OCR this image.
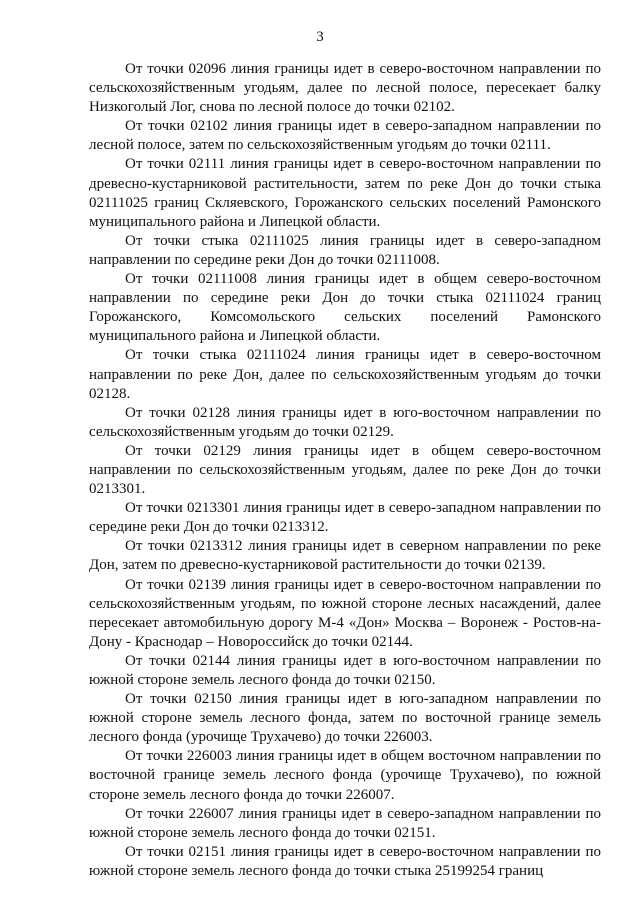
3

От точки 02096 линия границы идет в северо-восточном направлении по сельскохозяйственным угодьям, далее по лесной полосе, пересекает балку Низкоголый Лог, снова по лесной полосе до точки 02102.

От точки 02102 линия границы идет в северо-западном направлении по лесной полосе, затем по сельскохозяйственным угодьям до точки 02111.

От точки 02111 линия границы идет в северо-восточном направлении по древесно-кустарниковой растительности, затем по реке Дон до точки стыка 02111025 границ Скляевского, Горожанского сельских поселений Рамонского муниципального района и Липецкой области.

От точки стыка 02111025 линия границы идет в северо-западном направлении по середине реки Дон до точки 02111008.

От точки 02111008 линия границы идет в общем северо-восточном направлении по середине реки Дон до точки стыка 02111024 границ Горожанского, Комсомольского сельских поселений Рамонского муниципального района и Липецкой области.

От точки стыка 02111024 линия границы идет в северо-восточном направлении по реке Дон, далее по сельскохозяйственным угодьям до точки 02128.

От точки 02128 линия границы идет в юго-восточном направлении по сельскохозяйственным угодьям до точки 02129.

От точки 02129 линия границы идет в общем северо-восточном направлении по сельскохозяйственным угодьям, далее по реке Дон до точки 0213301.

От точки 0213301 линия границы идет в северо-западном направлении по середине реки Дон до точки 0213312.

От точки 0213312 линия границы идет в северном направлении по реке Дон, затем по древесно-кустарниковой растительности до точки 02139.

От точки 02139 линия границы идет в северо-восточном направлении по сельскохозяйственным угодьям, по южной стороне лесных насаждений, далее пересекает автомобильную дорогу М-4 «Дон» Москва – Воронеж - Ростов-на-Дону - Краснодар – Новороссийск до точки 02144.

От точки 02144 линия границы идет в юго-восточном направлении по южной стороне земель лесного фонда до точки 02150.

От точки 02150 линия границы идет в юго-западном направлении по южной стороне земель лесного фонда, затем по восточной границе земель лесного фонда (урочище Трухачево) до точки 226003.

От точки 226003 линия границы идет в общем восточном направлении по восточной границе земель лесного фонда (урочище Трухачево), по южной стороне земель лесного фонда до точки 226007.

От точки 226007 линия границы идет в северо-западном направлении по южной стороне земель лесного фонда до точки 02151.

От точки 02151 линия границы идет в северо-восточном направлении по южной стороне земель лесного фонда до точки стыка 25199254 границ
